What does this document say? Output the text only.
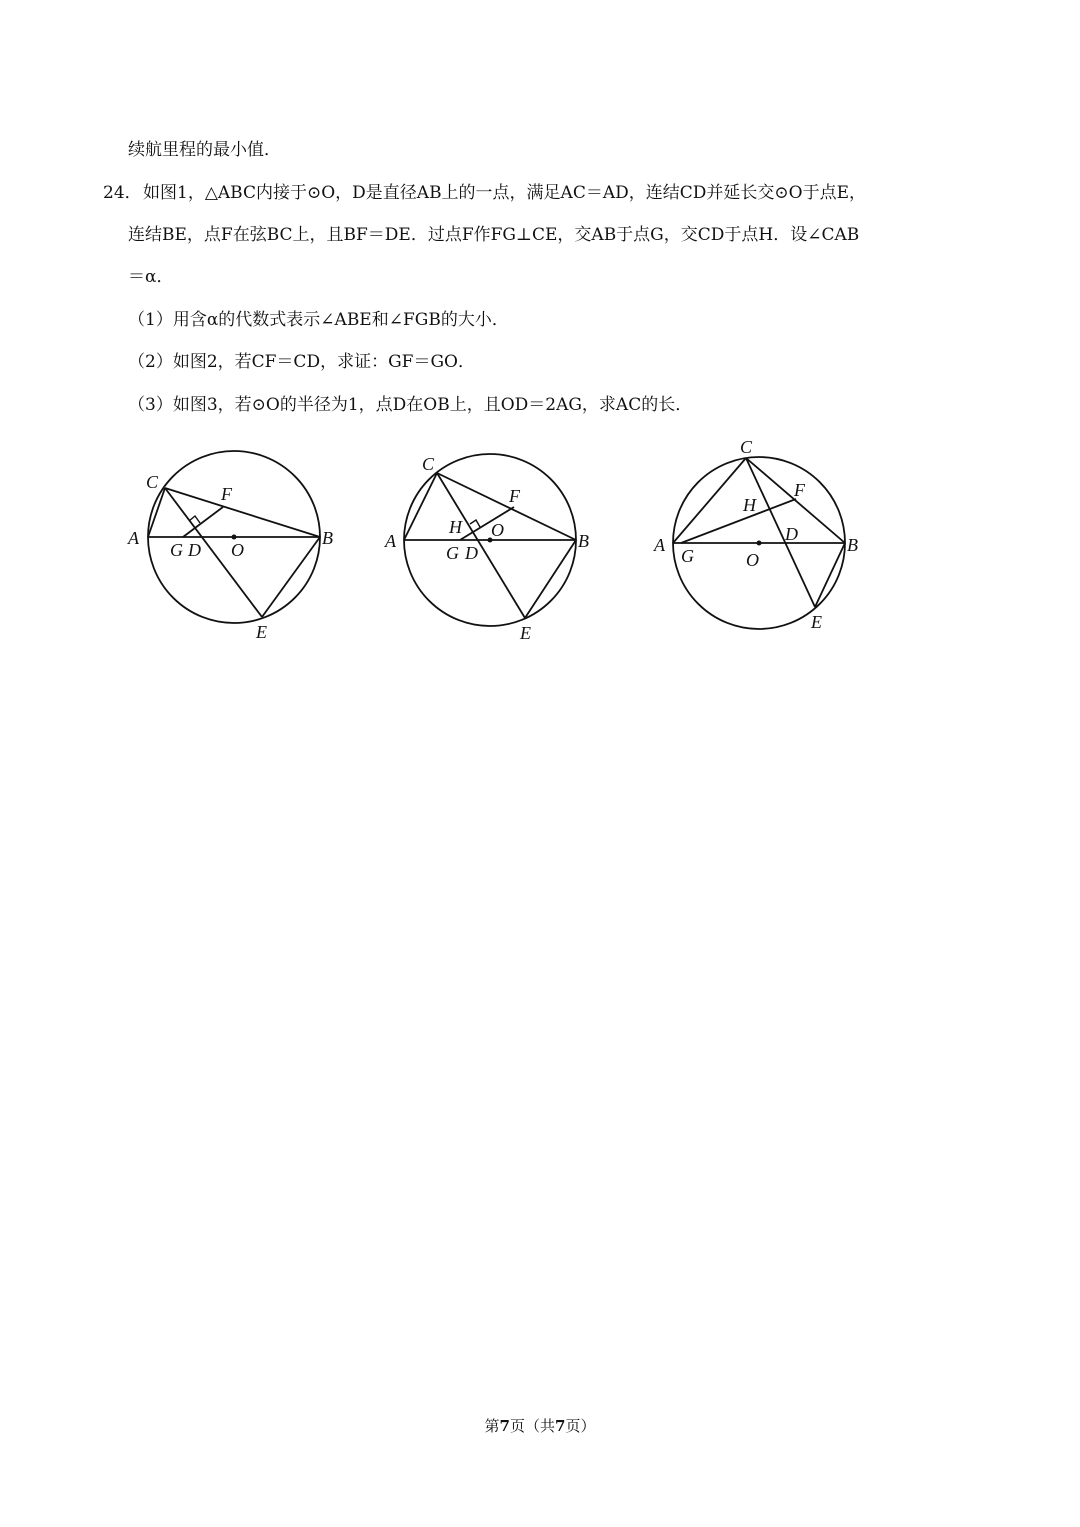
续航里程的最小值．
24． 如图1，△ABC内接于⊙O，D是直径AB上的一点，满足AC＝AD，连结CD并延长交⊙O于点E，
连结BE，点F在弦BC上，且BF＝DE．过点F作FG⊥CE，交AB于点G，交CD于点H．设∠CAB
＝α．
（1）用含α的代数式表示∠ABE和∠FGB的大小．
（2）如图2，若CF＝CD，求证：GF＝GO．
（3）如图3，若⊙O的半径为1，点D在OB上，且OD＝2AG，求AC的长．
C
A	B
F
G D O
E
C
A	B
F
H O
G D
E
C
A	B
F
H
D
G	O
E
第7页（共7页）
